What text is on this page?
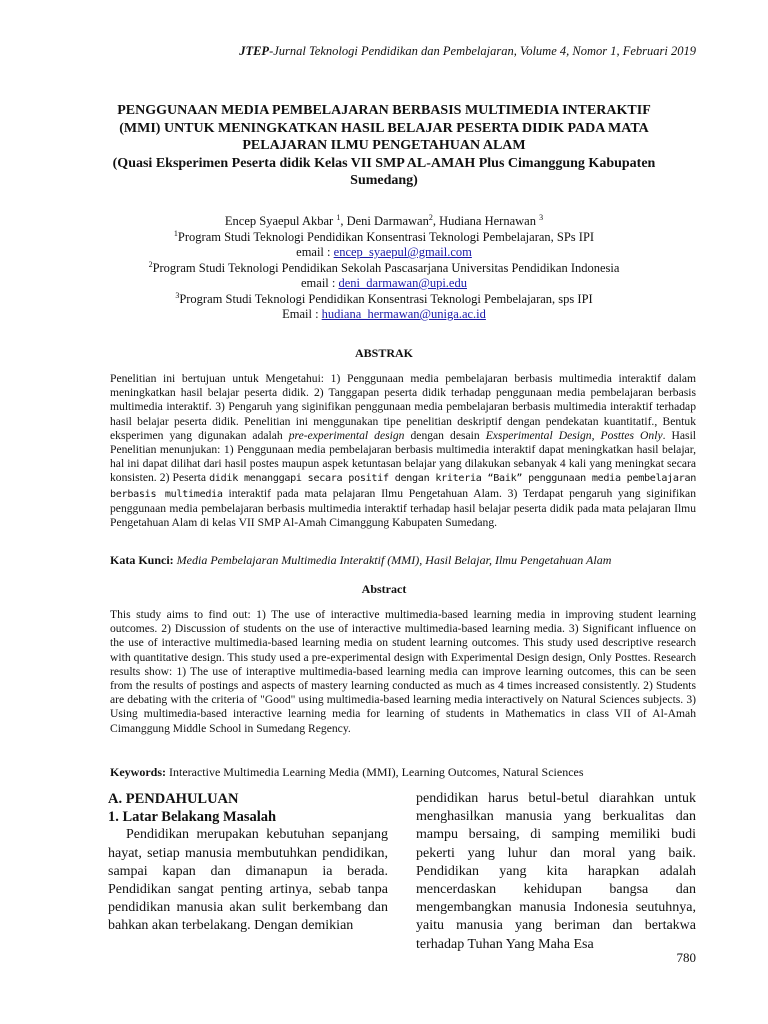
JTEP-Jurnal Teknologi Pendidikan dan Pembelajaran, Volume 4, Nomor 1, Februari 2019
PENGGUNAAN MEDIA PEMBELAJARAN BERBASIS MULTIMEDIA INTERAKTIF (MMI) UNTUK MENINGKATKAN HASIL BELAJAR PESERTA DIDIK PADA MATA PELAJARAN ILMU PENGETAHUAN ALAM
(Quasi Eksperimen Peserta didik Kelas VII SMP AL-AMAH Plus Cimanggung Kabupaten Sumedang)
Encep Syaepul Akbar $^1$, Deni Darmawan$^2$, Hudiana Hernawan $^3$
$^1$Program Studi Teknologi Pendidikan Konsentrasi Teknologi Pembelajaran, SPs IPI
email : encep_syaepul@gmail.com
$^2$Program Studi Teknologi Pendidikan Sekolah Pascasarjana Universitas Pendidikan Indonesia
email : deni_darmawan@upi.edu
$^3$Program Studi Teknologi Pendidikan Konsentrasi Teknologi Pembelajaran, sps IPI
Email : hudiana_hermawan@uniga.ac.id
ABSTRAK
Penelitian ini bertujuan untuk Mengetahui: 1) Penggunaan media pembelajaran berbasis multimedia interaktif dalam meningkatkan hasil belajar peserta didik. 2) Tanggapan peserta didik terhadap penggunaan media pembelajaran berbasis multimedia interaktif. 3) Pengaruh yang siginifikan penggunaan media pembelajaran berbasis multimedia interaktif terhadap hasil belajar peserta didik. Penelitian ini menggunakan tipe penelitian deskriptif dengan pendekatan kuantitatif., Bentuk eksperimen yang digunakan adalah pre-experimental design dengan desain Exsperimental Design, Posttes Only. Hasil Penelitian menunjukan: 1) Penggunaan media pembelajaran berbasis multimedia interaktif dapat meningkatkan hasil belajar, hal ini dapat dilihat dari hasil postes maupun aspek ketuntasan belajar yang dilakukan sebanyak 4 kali yang meningkat secara konsisten. 2) Peserta didik menanggapi secara positif dengan kriteria “Baik” penggunaan media pembelajaran berbasis multimedia interaktif pada mata pelajaran Ilmu Pengetahuan Alam. 3) Terdapat pengaruh yang siginifikan penggunaan media pembelajaran berbasis multimedia interaktif terhadap hasil belajar peserta didik pada mata pelajaran Ilmu Pengetahuan Alam di kelas VII SMP Al-Amah Cimanggung Kabupaten Sumedang.
Kata Kunci: Media Pembelajaran Multimedia Interaktif (MMI), Hasil Belajar, Ilmu Pengetahuan Alam
Abstract
This study aims to find out: 1) The use of interactive multimedia-based learning media in improving student learning outcomes. 2) Discussion of students on the use of interactive multimedia-based learning media. 3) Significant influence on the use of interactive multimedia-based learning media on student learning outcomes. This study used descriptive research with quantitative design. This study used a pre-experimental design with Experimental Design design, Only Posttes. Research results show: 1) The use of interaptive multimedia-based learning media can improve learning outcomes, this can be seen from the results of postings and aspects of mastery learning conducted as much as 4 times increased consistently. 2) Students are debating with the criteria of "Good" using multimedia-based learning media interactively on Natural Sciences subjects. 3) Using multimedia-based interactive learning media for learning of students in Mathematics in class VII of Al-Amah Cimanggung Middle School in Sumedang Regency.
Keywords: Interactive Multimedia Learning Media (MMI), Learning Outcomes, Natural Sciences

A. PENDAHULUAN

1. Latar Belakang Masalah

Pendidikan merupakan kebutuhan sepanjang hayat, setiap manusia membutuhkan pendidikan, sampai kapan dan dimanapun ia berada. Pendidikan sangat penting artinya, sebab tanpa pendidikan manusia akan sulit berkembang dan bahkan akan terbelakang. Dengan demikian

pendidikan harus betul-betul diarahkan untuk menghasilkan manusia yang berkualitas dan mampu bersaing, di samping memiliki budi pekerti yang luhur dan moral yang baik. Pendidikan yang kita harapkan adalah mencerdaskan kehidupan bangsa dan mengembangkan manusia Indonesia seutuhnya, yaitu manusia yang beriman dan bertakwa terhadap Tuhan Yang Maha Esa

780
